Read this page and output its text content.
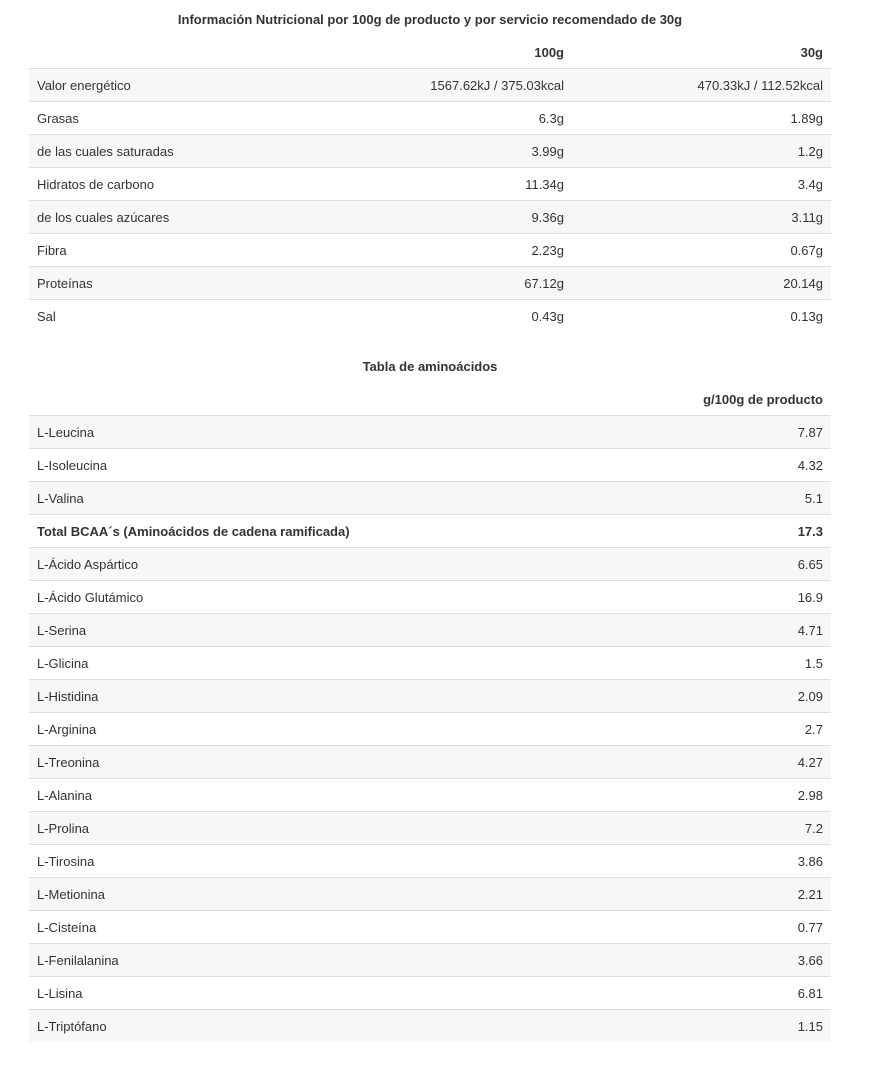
Información Nutricional por 100g de producto y por servicio recomendado de 30g
	100g	30g
Valor energético	1567.62kJ / 375.03kcal	470.33kJ / 112.52kcal
Grasas	6.3g	1.89g
de las cuales saturadas	3.99g	1.2g
Hidratos de carbono	11.34g	3.4g
de los cuales azúcares	9.36g	3.11g
Fibra	2.23g	0.67g
Proteínas	67.12g	20.14g
Sal	0.43g	0.13g
Tabla de aminoácidos
	g/100g de producto
L-Leucina	7.87
L-Isoleucina	4.32
L-Valina	5.1
Total BCAA´s (Aminoácidos de cadena ramificada)	17.3
L-Ácido Aspártico	6.65
L-Ácido Glutámico	16.9
L-Serina	4.71
L-Glicina	1.5
L-Histidina	2.09
L-Arginina	2.7
L-Treonina	4.27
L-Alanina	2.98
L-Prolina	7.2
L-Tirosina	3.86
L-Metionina	2.21
L-Cisteína	0.77
L-Fenilalanina	3.66
L-Lisina	6.81
L-Triptófano	1.15
